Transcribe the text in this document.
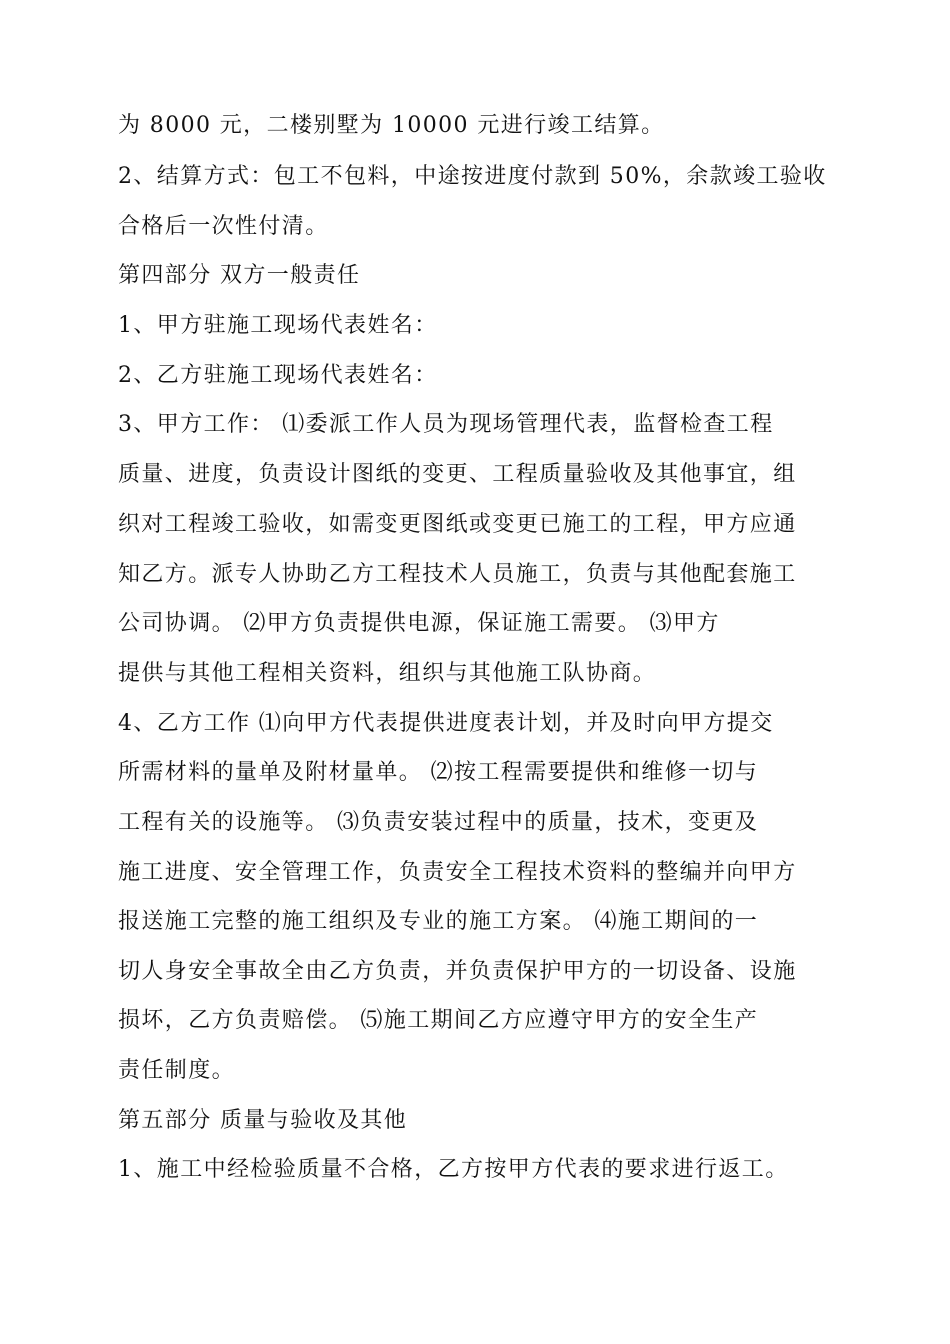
为 8000 元，二楼别墅为 10000 元进行竣工结算。
2、结算方式：包工不包料，中途按进度付款到 50%，余款竣工验收
合格后一次性付清。
第四部分 双方一般责任
1、甲方驻施工现场代表姓名：
2、乙方驻施工现场代表姓名：
3、甲方工作： ⑴委派工作人员为现场管理代表，监督检查工程
质量、进度，负责设计图纸的变更、工程质量验收及其他事宜，组
织对工程竣工验收，如需变更图纸或变更已施工的工程，甲方应通
知乙方。派专人协助乙方工程技术人员施工，负责与其他配套施工
公司协调。 ⑵甲方负责提供电源，保证施工需要。 ⑶甲方
提供与其他工程相关资料，组织与其他施工队协商。
4、乙方工作 ⑴向甲方代表提供进度表计划，并及时向甲方提交
所需材料的量单及附材量单。 ⑵按工程需要提供和维修一切与
工程有关的设施等。 ⑶负责安装过程中的质量，技术，变更及
施工进度、安全管理工作，负责安全工程技术资料的整编并向甲方
报送施工完整的施工组织及专业的施工方案。 ⑷施工期间的一
切人身安全事故全由乙方负责，并负责保护甲方的一切设备、设施
损坏，乙方负责赔偿。 ⑸施工期间乙方应遵守甲方的安全生产
责任制度。
第五部分 质量与验收及其他
1、施工中经检验质量不合格，乙方按甲方代表的要求进行返工。
